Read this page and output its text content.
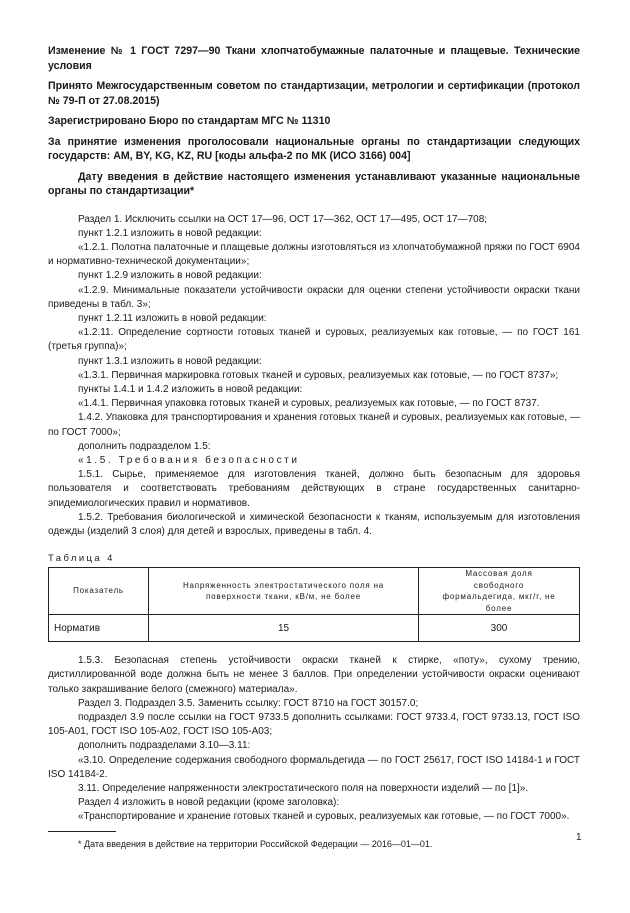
Изменение № 1 ГОСТ 7297—90 Ткани хлопчатобумажные палаточные и плащевые. Технические условия

Принято Межгосударственным советом по стандартизации, метрологии и сертификации (протокол № 79-П от 27.08.2015)

Зарегистрировано Бюро по стандартам МГС № 11310

За принятие изменения проголосовали национальные органы по стандартизации следующих государств: AM, BY, KG, KZ, RU [коды альфа-2 по МК (ИСО 3166) 004]

Дату введения в действие настоящего изменения устанавливают указанные национальные органы по стандартизации*

Раздел 1. Исключить ссылки на ОСТ 17—96, ОСТ 17—362, ОСТ 17—495, ОСТ 17—708;

пункт 1.2.1 изложить в новой редакции:

«1.2.1. Полотна палаточные и плащевые должны изготовляться из хлопчатобумажной пряжи по ГОСТ 6904 и нормативно-технической документации»;

пункт 1.2.9 изложить в новой редакции:

«1.2.9. Минимальные показатели устойчивости окраски для оценки степени устойчивости окраски ткани приведены в табл. 3»;

пункт 1.2.11 изложить в новой редакции:

«1.2.11. Определение сортности готовых тканей и суровых, реализуемых как готовые, — по ГОСТ 161 (третья группа)»;

пункт 1.3.1 изложить в новой редакции:

«1.3.1. Первичная маркировка готовых тканей и суровых, реализуемых как готовые, — по ГОСТ 8737»;

пункты 1.4.1 и 1.4.2 изложить в новой редакции:

«1.4.1. Первичная упаковка готовых тканей и суровых, реализуемых как готовые, — по ГОСТ 8737.

1.4.2. Упаковка для транспортирования и хранения готовых тканей и суровых, реализуемых как готовые, — по ГОСТ 7000»;

дополнить подразделом 1.5:

«1.5. Требования безопасности

1.5.1. Сырье, применяемое для изготовления тканей, должно быть безопасным для здоровья пользователя и соответствовать требованиям действующих в стране государственных санитарно-эпидемиологических правил и нормативов.

1.5.2. Требования биологической и химической безопасности к тканям, используемым для изготовления одежды (изделий 3 слоя) для детей и взрослых, приведены в табл. 4.

Таблица 4
Показатель	Напряженность электростатического поля на поверхности ткани, кВ/м, не более	Массовая доля свободного формальдегида, мкг/г, не более
Норматив	15	300

1.5.3. Безопасная степень устойчивости окраски тканей к стирке, «поту», сухому трению, дистиллированной воде должна быть не менее 3 баллов. При определении устойчивости окраски оценивают только закрашивание белого (смежного) материала».

Раздел 3. Подраздел 3.5. Заменить ссылку: ГОСТ 8710 на ГОСТ 30157.0;

подраздел 3.9 после ссылки на ГОСТ 9733.5 дополнить ссылками: ГОСТ 9733.4, ГОСТ 9733.13, ГОСТ ISO 105-A01, ГОСТ ISO 105-A02, ГОСТ ISO 105-A03;

дополнить подразделами 3.10—3.11:

«3.10. Определение содержания свободного формальдегида — по ГОСТ 25617, ГОСТ ISO 14184-1 и ГОСТ ISO 14184-2.

3.11. Определение напряженности электростатического поля на поверхности изделий — по [1]».

Раздел 4 изложить в новой редакции (кроме заголовка):

«Транспортирование и хранение готовых тканей и суровых, реализуемых как готовые, — по ГОСТ 7000».

* Дата введения в действие на территории Российской Федерации — 2016—01—01.
1
